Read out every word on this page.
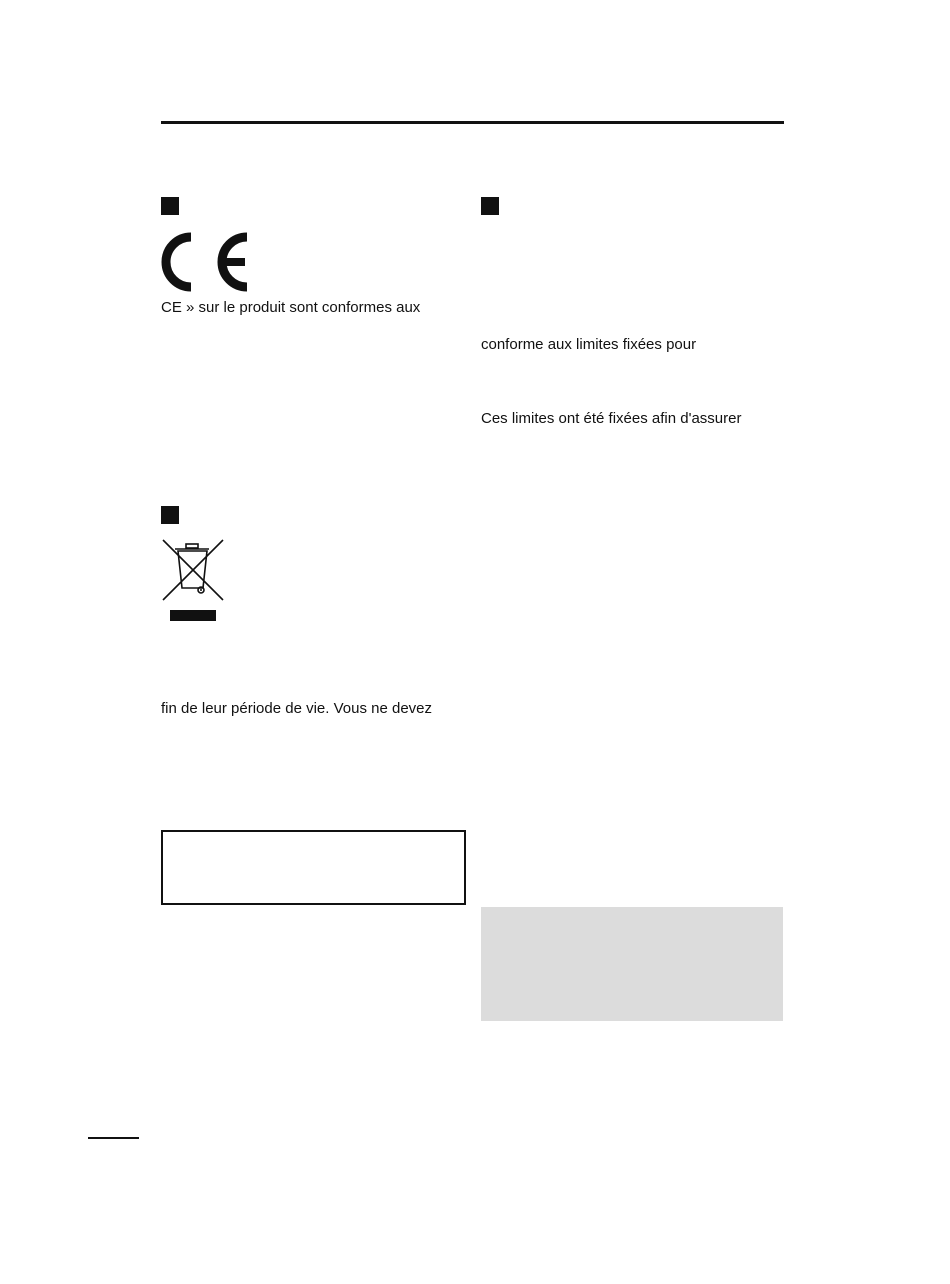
CE » sur le produit sont conformes aux
fin de leur période de vie. Vous ne devez
conforme aux limites fixées pour
Ces limites ont été fixées afin d'assurer
